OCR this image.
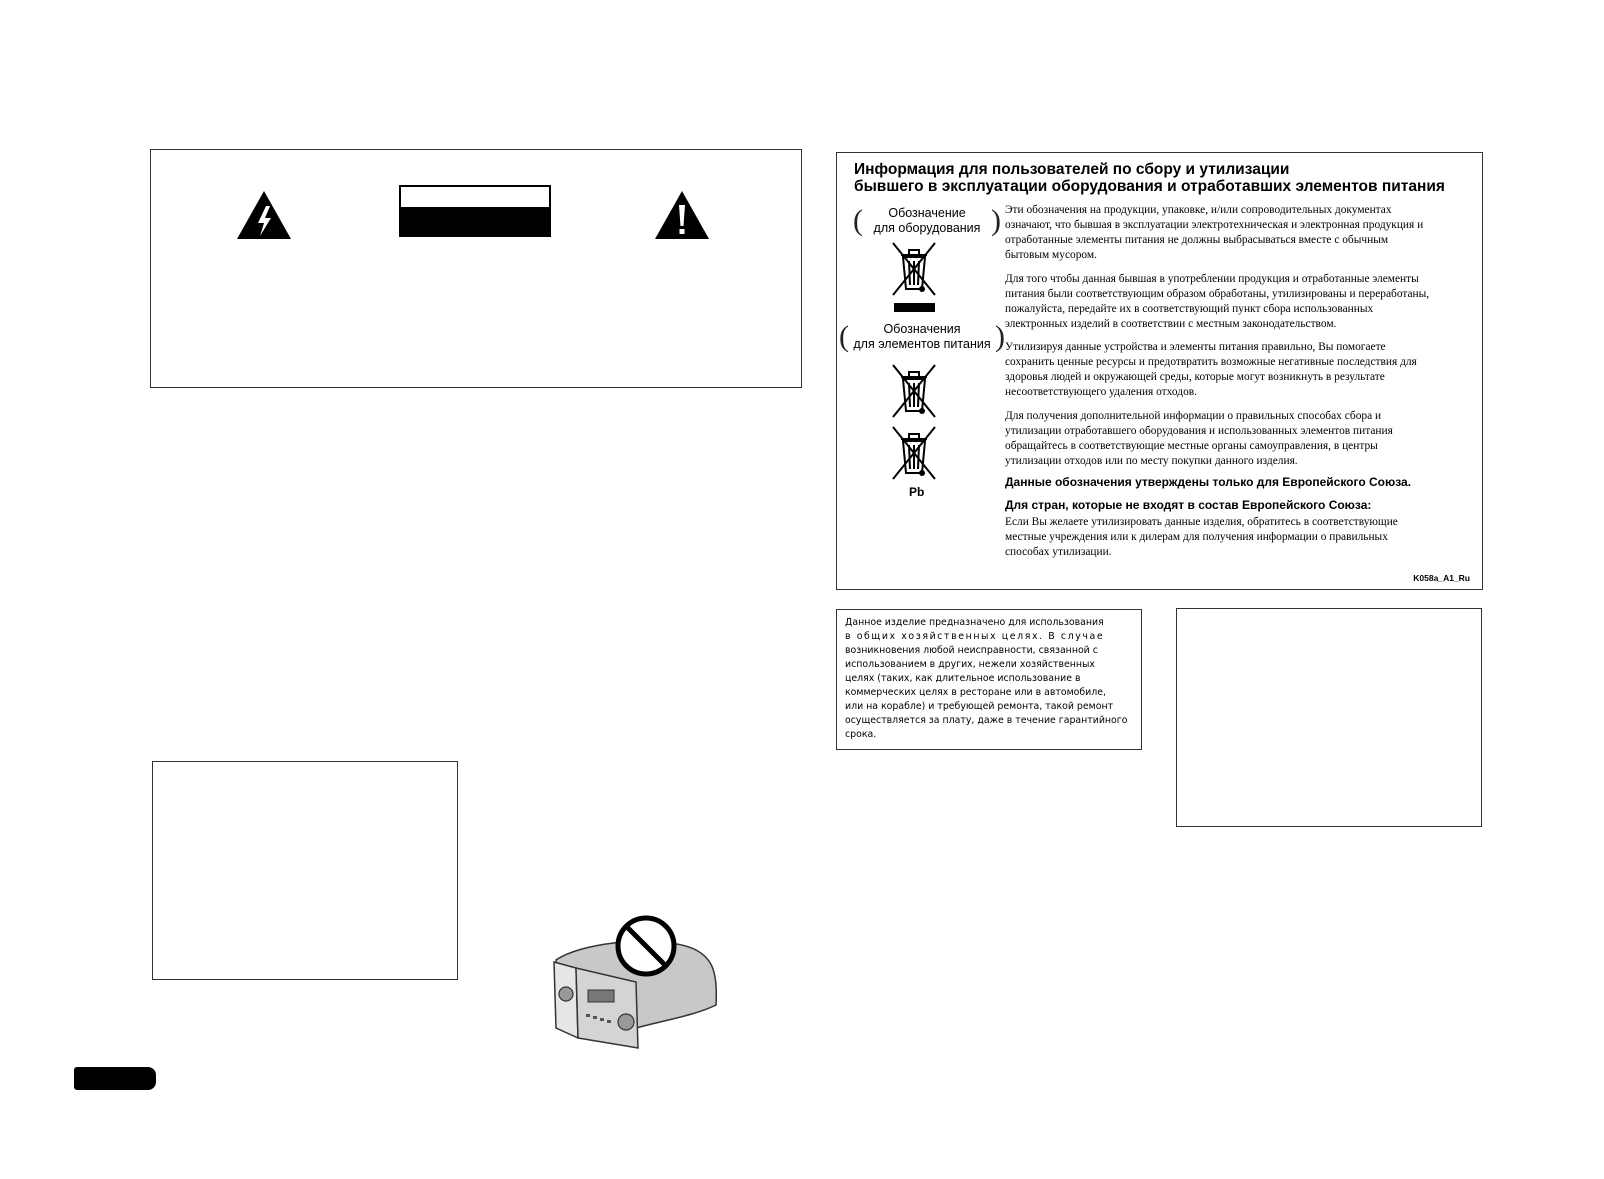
Информация для пользователей по сбору и утилизации
бывшего в эксплуатации оборудования и отработавших элементов питания
(	Обозначение
для оборудования )
(	Обозначения
для элементов питания )
Pb
Эти обозначения на продукции, упаковке, и/или сопроводительных документах
означают, что бывшая в эксплуатации электротехническая и электронная продукция и
отработанные элементы питания не должны выбрасываться вместе с обычным
бытовым мусором.
Для того чтобы данная бывшая в употреблении продукция и отработанные элементы
питания были соответствующим образом обработаны, утилизированы и переработаны,
пожалуйста, передайте их в соответствующий пункт сбора использованных
электронных изделий в соответствии с местным законодательством.
Утилизируя данные устройства и элементы питания правильно, Вы помогаете
сохранить ценные ресурсы и предотвратить возможные негативные последствия для
здоровья людей и окружающей среды, которые могут возникнуть в результате
несоответствующего удаления отходов.
Для получения дополнительной информации о правильных способах сбора и
утилизации отработавшего оборудования и использованных элементов питания
обращайтесь в соответствующие местные органы самоуправления, в центры
утилизации отходов или по месту покупки данного изделия.
Данные обозначения утверждены только для Европейского Союза.
Для стран, которые не входят в состав Европейского Союза:
Если Вы желаете утилизировать данные изделия, обратитесь в соответствующие
местные учреждения или к дилерам для получения информации о правильных
способах утилизации.
K058a_A1_Ru
Данное изделие предназначено для использования
в общих хозяйственных целях. В случае
возникновения любой неисправности, связанной с
использованием в других, нежели хозяйственных
целях (таких, как длительное использование в
коммерческих целях в ресторане или в автомобиле,
или на корабле) и требующей ремонта, такой ремонт
осуществляется за плату, даже в течение гарантийного
срока.
